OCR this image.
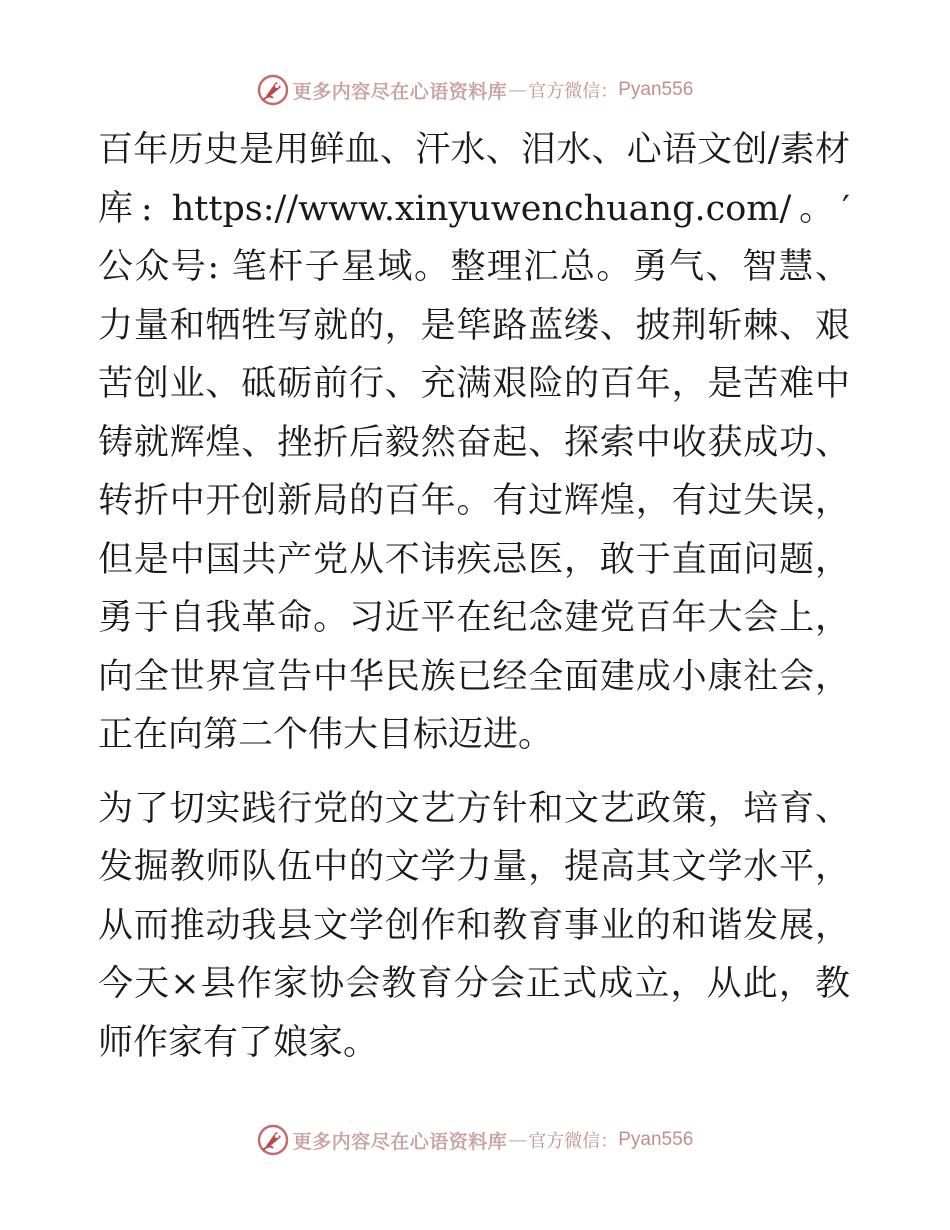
更多内容尽在心语资料库 — 官方微信： Pyan556

百年历史是用鲜血、汗水、泪水、心语文创/素材库: https://www.xinyuwenchuang.com/。′公众号: 笔杆子星域。整理汇总。勇气、智慧、力量和牺牲写就的，是筚路蓝缕、披荆斩棘、艰苦创业、砥砺前行、充满艰险的百年，是苦难中铸就辉煌、挫折后毅然奋起、探索中收获成功、转折中开创新局的百年。有过辉煌，有过失误，但是中国共产党从不讳疾忌医，敢于直面问题，勇于自我革命。习近平在纪念建党百年大会上，向全世界宣告中华民族已经全面建成小康社会，正在向第二个伟大目标迈进。

为了切实践行党的文艺方针和文艺政策，培育、发掘教师队伍中的文学力量，提高其文学水平，从而推动我县文学创作和教育事业的和谐发展，今天×县作家协会教育分会正式成立，从此，教师作家有了娘家。

更多内容尽在心语资料库 — 官方微信： Pyan556
